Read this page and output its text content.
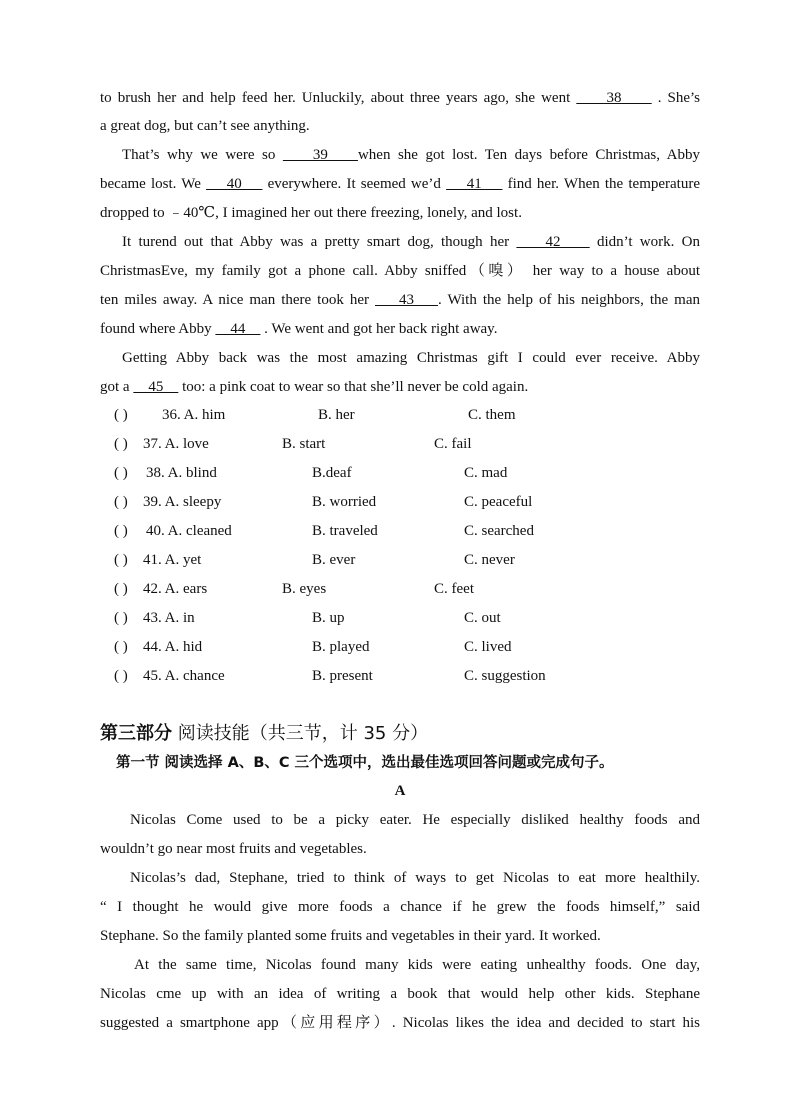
to brush her and help feed her. Unluckily, about three years ago, she went      38      . She’s
a great dog, but can’t see anything.
That’s why we were so     39    when she got lost. Ten days before Christmas, Abby
became lost. We     40     everywhere. It seemed we’d     41     find her. When the temperature
dropped to ﹣40℃, I imagined her out there freezing, lonely, and lost.
It turend out that Abby was a pretty smart dog, though her     42     didn’t work. On
ChristmasEve, my family got a phone call. Abby sniffed（嗅） her way to a house about
ten miles away. A nice man there took her     43    . With the help of his neighbors, the man
found where Abby     44     . We went and got her back right away.
Getting Abby back was the most amazing Christmas gift I could ever receive. Abby
got a     45     too: a pink coat to wear so that she’ll never be cold again.
( ) 36. A. him	B. her	C. them
( ) 37. A. love	B. start	C. fail
( ) 38. A. blind	B.deaf	C. mad
( ) 39. A. sleepy	B. worried	C. peaceful
( ) 40. A. cleaned	B. traveled	C. searched
( ) 41. A. yet	B. ever	C. never
( ) 42. A. ears	B. eyes	C. feet
( ) 43. A. in	B. up	C. out
( ) 44. A. hid	B. played	C. lived
( ) 45. A. chance	B. present	C. suggestion
第三部分 阅读技能（共三节，计 35 分）
第一节 阅读选择 A、B、C 三个选项中，选出最佳选项回答问题或完成句子。
A
Nicolas Come used to be a picky eater. He especially disliked healthy foods and
wouldn’t go near most fruits and vegetables.
Nicolas’s dad, Stephane, tried to think of ways to get Nicolas to eat more healthily.
“ I thought he would give more foods a chance if he grew the foods himself,” said
Stephane. So the family planted some fruits and vegetables in their yard. It worked.
At the same time, Nicolas found many kids were eating unhealthy foods. One day,
Nicolas cme up with an idea of writing a book that would help other kids. Stephane
suggested a smartphone app（应用程序）. Nicolas likes the idea and decided to start his
